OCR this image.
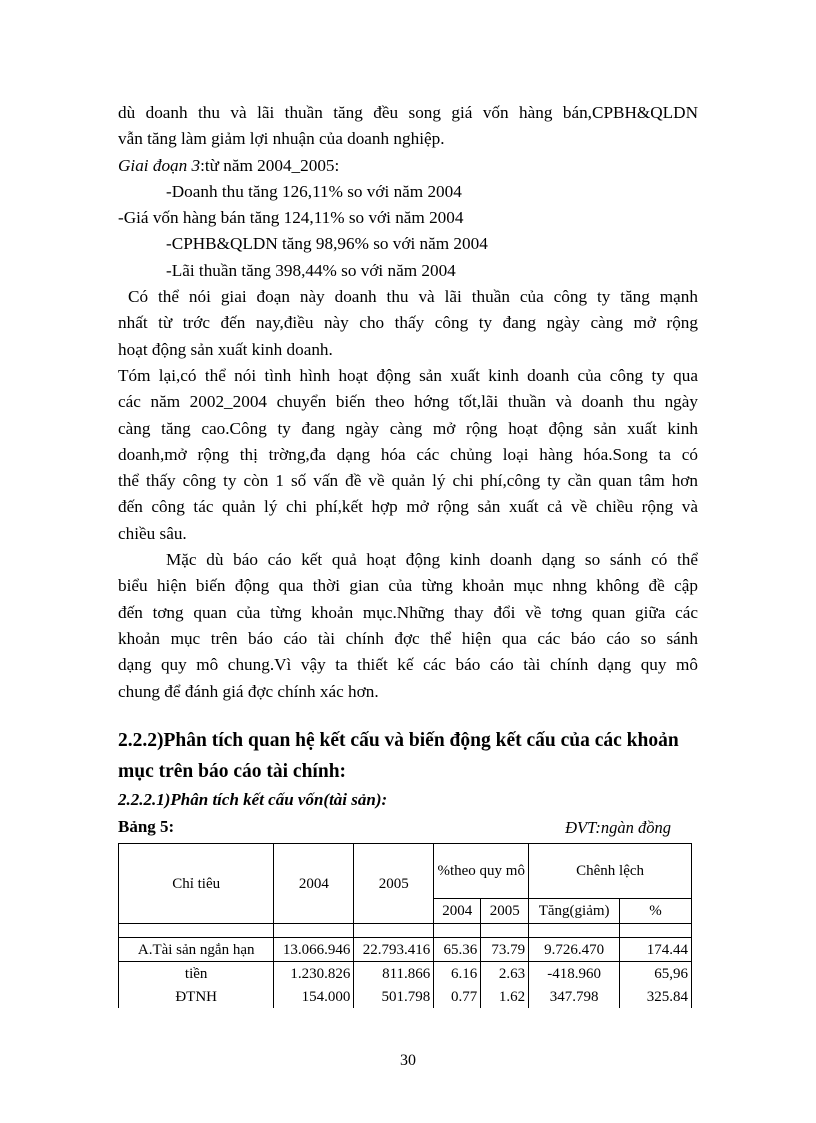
dù doanh thu và lãi thuần tăng đều song giá vốn hàng bán,CPBH&QLDN

vẫn tăng làm giảm lợi nhuận của doanh nghiệp.

Giai đoạn 3:từ năm 2004_2005:

-Doanh thu tăng 126,11% so với năm 2004

-Giá vốn hàng bán tăng 124,11% so với năm 2004

-CPHB&QLDN tăng 98,96% so với năm 2004

-Lãi thuần tăng 398,44% so với năm 2004

Có thể nói giai đoạn này doanh thu và lãi thuần của công ty tăng mạnh

nhất từ trớc đến nay,điều này cho thấy công ty đang ngày càng mở rộng

hoạt động sản xuất kinh doanh.

Tóm lại,có thể nói tình hình hoạt động sản xuất kinh doanh của công ty qua

các năm 2002_2004 chuyển biến theo hớng tốt,lãi thuần và doanh thu ngày

càng tăng cao.Công ty đang ngày càng mở rộng hoạt động sản xuất kinh

doanh,mở rộng thị trờng,đa dạng hóa các chủng loại hàng hóa.Song ta có

thể thấy công ty còn 1 số vấn đề về quản lý chi phí,công ty cần quan tâm hơn

đến công tác quản lý chi phí,kết hợp mở rộng sản xuất cả về chiều rộng và

chiều sâu.

Mặc dù báo cáo kết quả hoạt động kinh doanh dạng so sánh có thể

biểu hiện biến động qua thời gian của từng khoản mục nhng không đề cập

đến tơng quan của từng khoản mục.Những thay đổi về tơng quan giữa các

khoản mục trên báo cáo tài chính đợc thể hiện qua các báo cáo so sánh

dạng quy mô chung.Vì vậy ta thiết kế các báo cáo tài chính dạng quy mô

chung để đánh giá đợc chính xác hơn.

2.2.2)Phân tích quan hệ kết cấu và biến động kết cấu của các khoản

mục trên báo cáo tài chính:

2.2.2.1)Phân tích kết cấu vốn(tài sản):
Bảng 5:	ĐVT:ngàn đồng
Chỉ tiêu	2004	2005	%theo quy mô		Chênh lệch	
			2004	2005	Tăng(giảm)	%

A.Tài sản ngắn hạn	13.066.946	22.793.416	65.36	73.79	9.726.470	174.44
tiền	1.230.826	811.866	6.16	2.63	-418.960	65,96
ĐTNH	154.000	501.798	0.77	1.62	347.798	325.84
30
